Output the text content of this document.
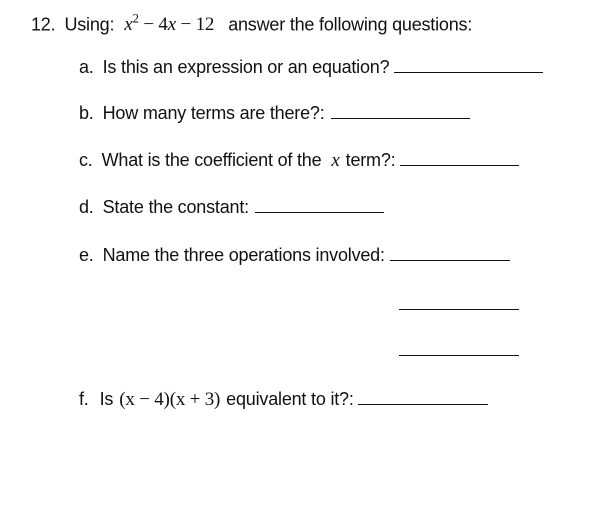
12. Using: $x^2 - 4x - 12$ answer the following questions:
a. Is this an expression or an equation?
b. How many terms are there?:
c. What is the coefficient of the x term?:
d. State the constant:
e. Name the three operations involved:
f. Is (x − 4)(x + 3) equivalent to it?:
